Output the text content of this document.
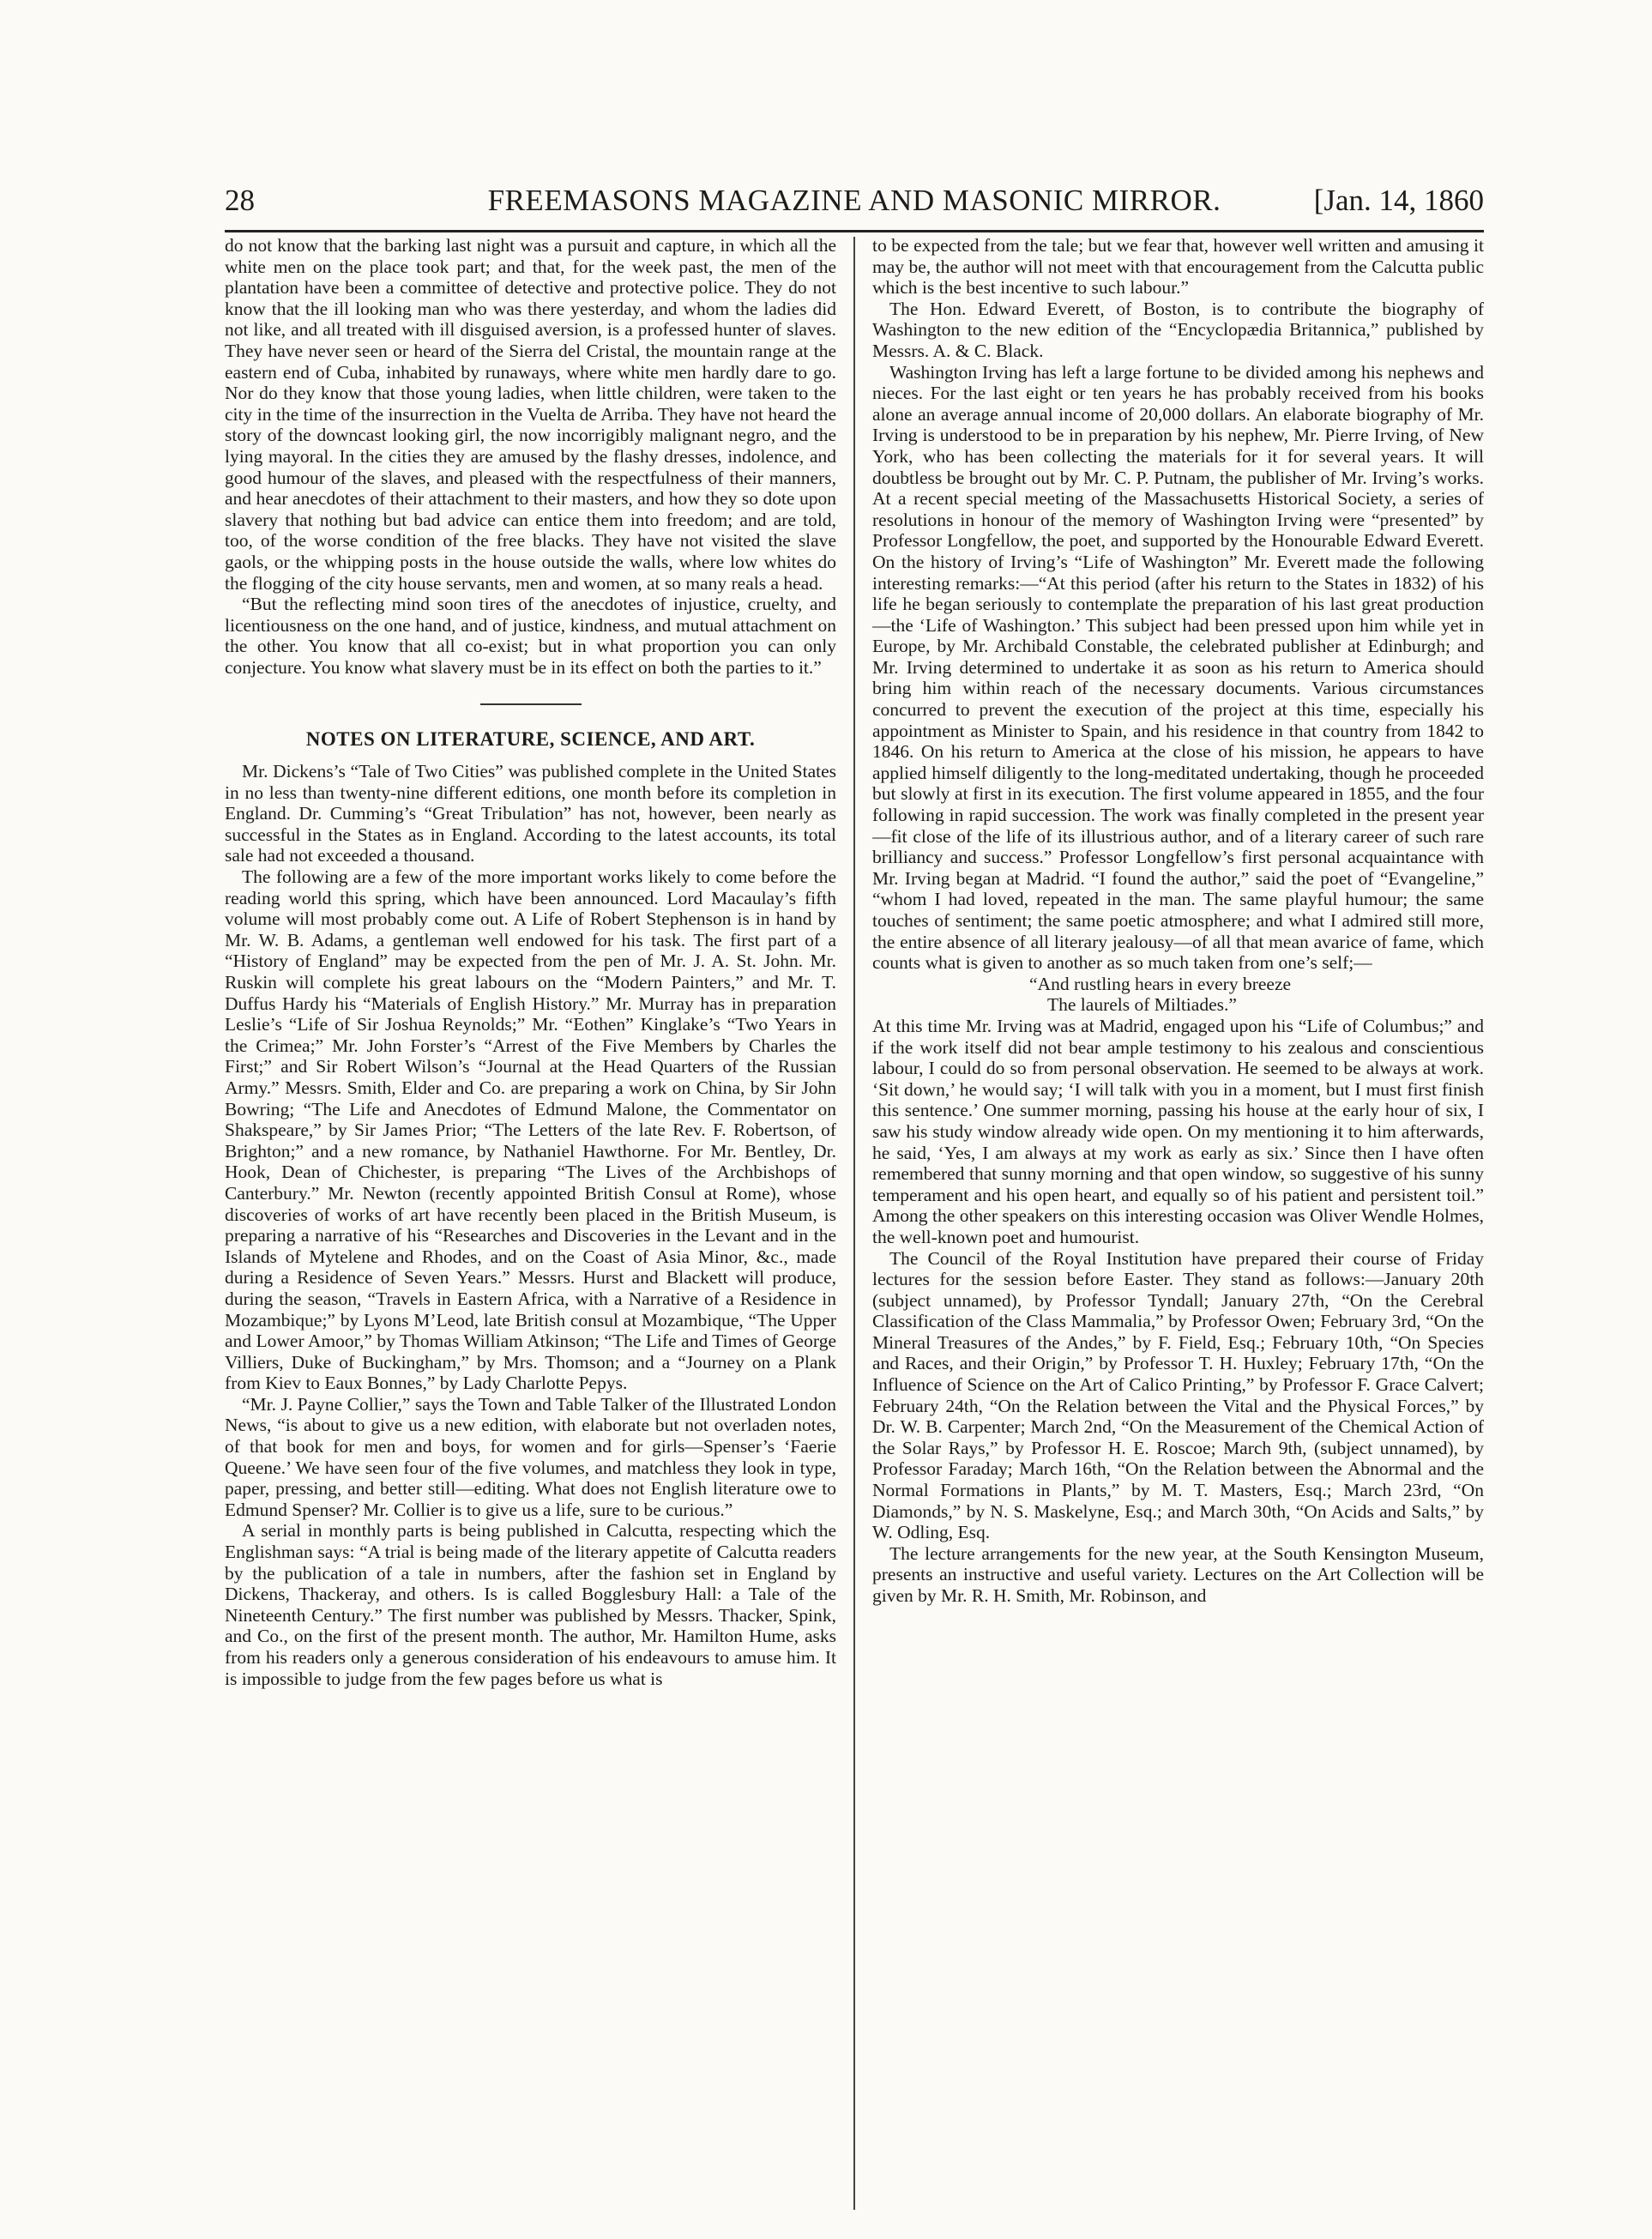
28	FREEMASONS MAGAZINE AND MASONIC MIRROR.	[Jan. 14, 1860

do not know that the barking last night was a pursuit and capture, in which all the white men on the place took part; and that, for the week past, the men of the plantation have been a committee of detective and protective police. They do not know that the ill looking man who was there yesterday, and whom the ladies did not like, and all treated with ill disguised aversion, is a professed hunter of slaves. They have never seen or heard of the Sierra del Cristal, the mountain range at the eastern end of Cuba, inhabited by runaways, where white men hardly dare to go. Nor do they know that those young ladies, when little children, were taken to the city in the time of the insurrection in the Vuelta de Arriba. They have not heard the story of the downcast looking girl, the now incorrigibly malignant negro, and the lying mayoral. In the cities they are amused by the flashy dresses, indolence, and good humour of the slaves, and pleased with the respectfulness of their manners, and hear anecdotes of their attachment to their masters, and how they so dote upon slavery that nothing but bad advice can entice them into freedom; and are told, too, of the worse condition of the free blacks. They have not visited the slave gaols, or the whipping posts in the house outside the walls, where low whites do the flogging of the city house servants, men and women, at so many reals a head.

“But the reflecting mind soon tires of the anecdotes of injustice, cruelty, and licentiousness on the one hand, and of justice, kindness, and mutual attachment on the other. You know that all co-exist; but in what proportion you can only conjecture. You know what slavery must be in its effect on both the parties to it.”

NOTES ON LITERATURE, SCIENCE, AND ART.

Mr. Dickens’s “Tale of Two Cities” was published complete in the United States in no less than twenty-nine different editions, one month before its completion in England. Dr. Cumming’s “Great Tribulation” has not, however, been nearly as successful in the States as in England. According to the latest accounts, its total sale had not exceeded a thousand.

The following are a few of the more important works likely to come before the reading world this spring, which have been announced. Lord Macaulay’s fifth volume will most probably come out. A Life of Robert Stephenson is in hand by Mr. W. B. Adams, a gentleman well endowed for his task. The first part of a “History of England” may be expected from the pen of Mr. J. A. St. John. Mr. Ruskin will complete his great labours on the “Modern Painters,” and Mr. T. Duffus Hardy his “Materials of English History.” Mr. Murray has in preparation Leslie’s “Life of Sir Joshua Reynolds;” Mr. “Eothen” Kinglake’s “Two Years in the Crimea;” Mr. John Forster’s “Arrest of the Five Members by Charles the First;” and Sir Robert Wilson’s “Journal at the Head Quarters of the Russian Army.” Messrs. Smith, Elder and Co. are preparing a work on China, by Sir John Bowring; “The Life and Anecdotes of Edmund Malone, the Commentator on Shakspeare,” by Sir James Prior; “The Letters of the late Rev. F. Robertson, of Brighton;” and a new romance, by Nathaniel Hawthorne. For Mr. Bentley, Dr. Hook, Dean of Chichester, is preparing “The Lives of the Archbishops of Canterbury.” Mr. Newton (recently appointed British Consul at Rome), whose discoveries of works of art have recently been placed in the British Museum, is preparing a narrative of his “Researches and Discoveries in the Levant and in the Islands of Mytelene and Rhodes, and on the Coast of Asia Minor, &c., made during a Residence of Seven Years.” Messrs. Hurst and Blackett will produce, during the season, “Travels in Eastern Africa, with a Narrative of a Residence in Mozambique;” by Lyons M’Leod, late British consul at Mozambique, “The Upper and Lower Amoor,” by Thomas William Atkinson; “The Life and Times of George Villiers, Duke of Buckingham,” by Mrs. Thomson; and a “Journey on a Plank from Kiev to Eaux Bonnes,” by Lady Charlotte Pepys.

“Mr. J. Payne Collier,” says the Town and Table Talker of the Illustrated London News, “is about to give us a new edition, with elaborate but not overladen notes, of that book for men and boys, for women and for girls—Spenser’s ‘Faerie Queene.’ We have seen four of the five volumes, and matchless they look in type, paper, pressing, and better still—editing. What does not English literature owe to Edmund Spenser? Mr. Collier is to give us a life, sure to be curious.”

A serial in monthly parts is being published in Calcutta, respecting which the Englishman says: “A trial is being made of the literary appetite of Calcutta readers by the publication of a tale in numbers, after the fashion set in England by Dickens, Thackeray, and others. Is is called Bogglesbury Hall: a Tale of the Nineteenth Century.” The first number was published by Messrs. Thacker, Spink, and Co., on the first of the present month. The author, Mr. Hamilton Hume, asks from his readers only a generous consideration of his endeavours to amuse him. It is impossible to judge from the few pages before us what is

to be expected from the tale; but we fear that, however well written and amusing it may be, the author will not meet with that encouragement from the Calcutta public which is the best incentive to such labour.”

The Hon. Edward Everett, of Boston, is to contribute the biography of Washington to the new edition of the “Encyclopædia Britannica,” published by Messrs. A. & C. Black.

Washington Irving has left a large fortune to be divided among his nephews and nieces. For the last eight or ten years he has probably received from his books alone an average annual income of 20,000 dollars. An elaborate biography of Mr. Irving is understood to be in preparation by his nephew, Mr. Pierre Irving, of New York, who has been collecting the materials for it for several years. It will doubtless be brought out by Mr. C. P. Putnam, the publisher of Mr. Irving’s works. At a recent special meeting of the Massachusetts Historical Society, a series of resolutions in honour of the memory of Washington Irving were “presented” by Professor Longfellow, the poet, and supported by the Honourable Edward Everett. On the history of Irving’s “Life of Washington” Mr. Everett made the following interesting remarks:—“At this period (after his return to the States in 1832) of his life he began seriously to contemplate the preparation of his last great production—the ‘Life of Washington.’ This subject had been pressed upon him while yet in Europe, by Mr. Archibald Constable, the celebrated publisher at Edinburgh; and Mr. Irving determined to undertake it as soon as his return to America should bring him within reach of the necessary documents. Various circumstances concurred to prevent the execution of the project at this time, especially his appointment as Minister to Spain, and his residence in that country from 1842 to 1846. On his return to America at the close of his mission, he appears to have applied himself diligently to the long-meditated undertaking, though he proceeded but slowly at first in its execution. The first volume appeared in 1855, and the four following in rapid succession. The work was finally completed in the present year—fit close of the life of its illustrious author, and of a literary career of such rare brilliancy and success.” Professor Longfellow’s first personal acquaintance with Mr. Irving began at Madrid. “I found the author,” said the poet of “Evangeline,” “whom I had loved, repeated in the man. The same playful humour; the same touches of sentiment; the same poetic atmosphere; and what I admired still more, the entire absence of all literary jealousy—of all that mean avarice of fame, which counts what is given to another as so much taken from one’s self;—

“And rustling hears in every breeze

The laurels of Miltiades.”

At this time Mr. Irving was at Madrid, engaged upon his “Life of Columbus;” and if the work itself did not bear ample testimony to his zealous and conscientious labour, I could do so from personal observation. He seemed to be always at work. ‘Sit down,’ he would say; ‘I will talk with you in a moment, but I must first finish this sentence.’ One summer morning, passing his house at the early hour of six, I saw his study window already wide open. On my mentioning it to him afterwards, he said, ‘Yes, I am always at my work as early as six.’ Since then I have often remembered that sunny morning and that open window, so suggestive of his sunny temperament and his open heart, and equally so of his patient and persistent toil.” Among the other speakers on this interesting occasion was Oliver Wendle Holmes, the well-known poet and humourist.

The Council of the Royal Institution have prepared their course of Friday lectures for the session before Easter. They stand as follows:—January 20th (subject unnamed), by Professor Tyndall; January 27th, “On the Cerebral Classification of the Class Mammalia,” by Professor Owen; February 3rd, “On the Mineral Treasures of the Andes,” by F. Field, Esq.; February 10th, “On Species and Races, and their Origin,” by Professor T. H. Huxley; February 17th, “On the Influence of Science on the Art of Calico Printing,” by Professor F. Grace Calvert; February 24th, “On the Relation between the Vital and the Physical Forces,” by Dr. W. B. Carpenter; March 2nd, “On the Measurement of the Chemical Action of the Solar Rays,” by Professor H. E. Roscoe; March 9th, (subject unnamed), by Professor Faraday; March 16th, “On the Relation between the Abnormal and the Normal Formations in Plants,” by M. T. Masters, Esq.; March 23rd, “On Diamonds,” by N. S. Maskelyne, Esq.; and March 30th, “On Acids and Salts,” by W. Odling, Esq.

The lecture arrangements for the new year, at the South Kensington Museum, presents an instructive and useful variety. Lectures on the Art Collection will be given by Mr. R. H. Smith, Mr. Robinson, and
